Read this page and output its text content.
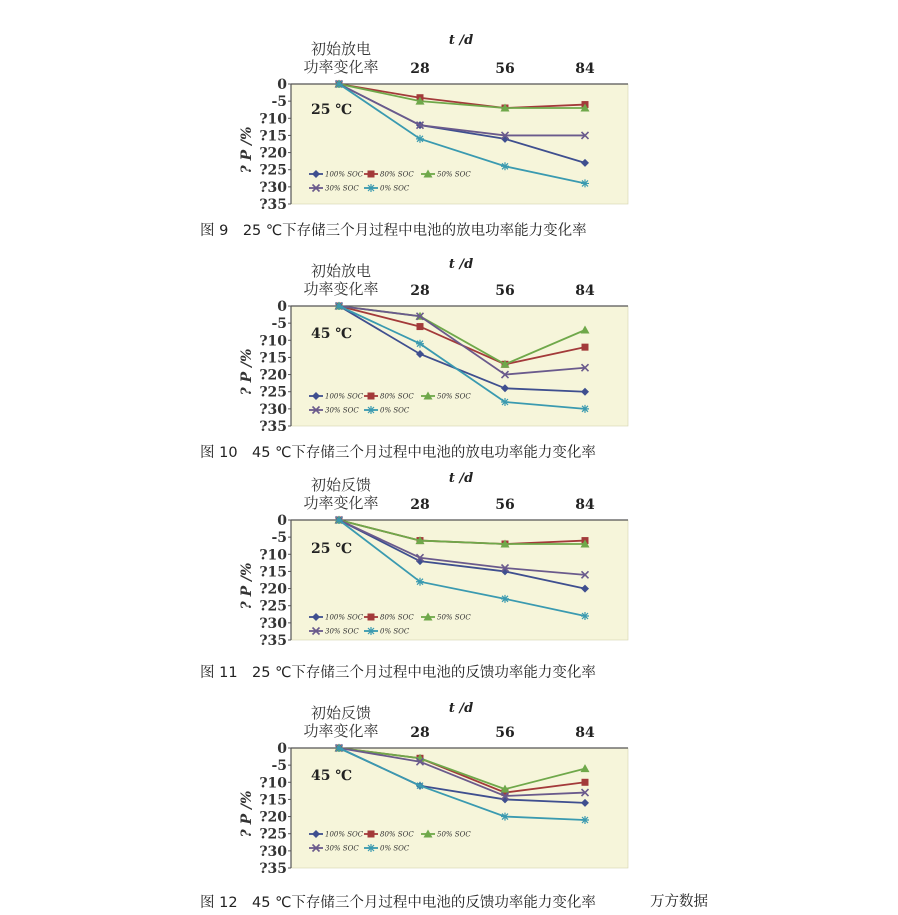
0
-5
?10
?15
?20
?25
?30
?35
28	56	84
t /d
初始放电
功率变化率
? P /%
25 ℃
100% SOC 80% SOC	50% SOC
30% SOC	0% SOC
图 9　25 ℃下存储三个月过程中电池的放电功率能力变化率
0
-5
?10
?15
?20
?25
?30
?35
28	56	84
t /d
初始放电
功率变化率
? P /%
45 ℃
100% SOC 80% SOC	50% SOC
30% SOC	0% SOC
图 10　45 ℃下存储三个月过程中电池的放电功率能力变化率
0
-5
?10
?15
?20
?25
?30
?35
28	56	84
t /d
初始反馈
功率变化率
? P /%
25 ℃
100% SOC 80% SOC	50% SOC
30% SOC	0% SOC
图 11　25 ℃下存储三个月过程中电池的反馈功率能力变化率
0
-5
?10
?15
?20
?25
?30
?35
28	56	84
t /d
初始反馈
功率变化率
? P /%
45 ℃
100% SOC 80% SOC	50% SOC
30% SOC	0% SOC
图 12　45 ℃下存储三个月过程中电池的反馈功率能力变化率	万方数据
